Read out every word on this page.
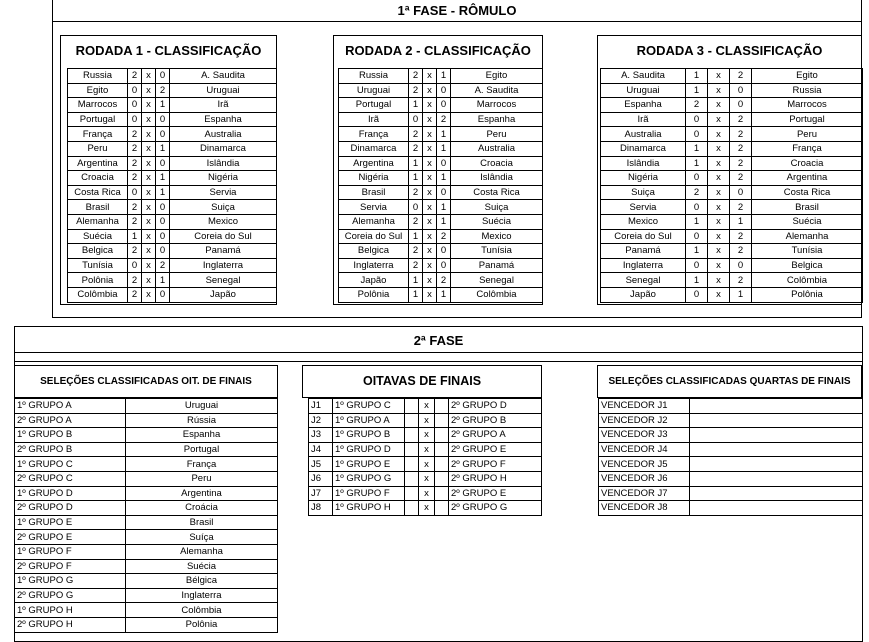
1ª FASE - RÔMULO
RODADA 1 - CLASSIFICAÇÃO	RODADA 2 - CLASSIFICAÇÃO	RODADA 3 - CLASSIFICAÇÃO
Russia	2	x	0	A. Saudita
Egito	0	x	2	Uruguai
Marrocos	0	x	1	Irã
Portugal	0	x	0	Espanha
França	2	x	0	Australia
Peru	2	x	1	Dinamarca
Argentina	2	x	0	Islândia
Croacia	2	x	1	Nigéria
Costa Rica	0	x	1	Servia
Brasil	2	x	0	Suiça
Alemanha	2	x	0	Mexico
Suécia	1	x	0	Coreia do Sul
Belgica	2	x	0	Panamá
Tunísia	0	x	2	Inglaterra
Polônia	2	x	1	Senegal
Colômbia	2	x	0	Japão
Russia	2	x	1	Egito
Uruguai	2	x	0	A. Saudita
Portugal	1	x	0	Marrocos
Irã	0	x	2	Espanha
França	2	x	1	Peru
Dinamarca	2	x	1	Australia
Argentina	1	x	0	Croacia
Nigéria	1	x	1	Islândia
Brasil	2	x	0	Costa Rica
Servia	0	x	1	Suiça
Alemanha	2	x	1	Suécia
Coreia do Sul	1	x	2	Mexico
Belgica	2	x	0	Tunísia
Inglaterra	2	x	0	Panamá
Japão	1	x	2	Senegal
Polônia	1	x	1	Colômbia
A. Saudita	1	x	2	Egito
Uruguai	1	x	0	Russia
Espanha	2	x	0	Marrocos
Irã	0	x	2	Portugal
Australia	0	x	2	Peru
Dinamarca	1	x	2	França
Islândia	1	x	2	Croacia
Nigéria	0	x	2	Argentina
Suiça	2	x	0	Costa Rica
Servia	0	x	2	Brasil
Mexico	1	x	1	Suécia
Coreia do Sul	0	x	2	Alemanha
Panamá	1	x	2	Tunísia
Inglaterra	0	x	0	Belgica
Senegal	1	x	2	Colômbia
Japão	0	x	1	Polônia
2ª FASE
SELEÇÕES CLASSIFICADAS OIT. DE FINAIS	OITAVAS DE FINAIS	SELEÇÕES CLASSIFICADAS QUARTAS DE FINAIS
1º GRUPO A	Uruguai
2º GRUPO A	Rússia
1º GRUPO B	Espanha
2º GRUPO B	Portugal
1º GRUPO C	França
2º GRUPO C	Peru
1º GRUPO D	Argentina
2º GRUPO D	Croácia
1º GRUPO E	Brasil
2º GRUPO E	Suíça
1º GRUPO F	Alemanha
2º GRUPO F	Suécia
1º GRUPO G	Bélgica
2º GRUPO G	Inglaterra
1º GRUPO H	Colômbia
2º GRUPO H	Polônia
J1	1º GRUPO C		x		2º GRUPO D
J2	1º GRUPO A		x		2º GRUPO B
J3	1º GRUPO B		x		2º GRUPO A
J4	1º GRUPO D		x		2º GRUPO E
J5	1º GRUPO E		x		2º GRUPO F
J6	1º GRUPO G		x		2º GRUPO H
J7	1º GRUPO F		x		2º GRUPO E
J8	1º GRUPO H		x		2º GRUPO G
VENCEDOR J1	
VENCEDOR J2	
VENCEDOR J3	
VENCEDOR J4	
VENCEDOR J5	
VENCEDOR J6	
VENCEDOR J7	
VENCEDOR J8	
